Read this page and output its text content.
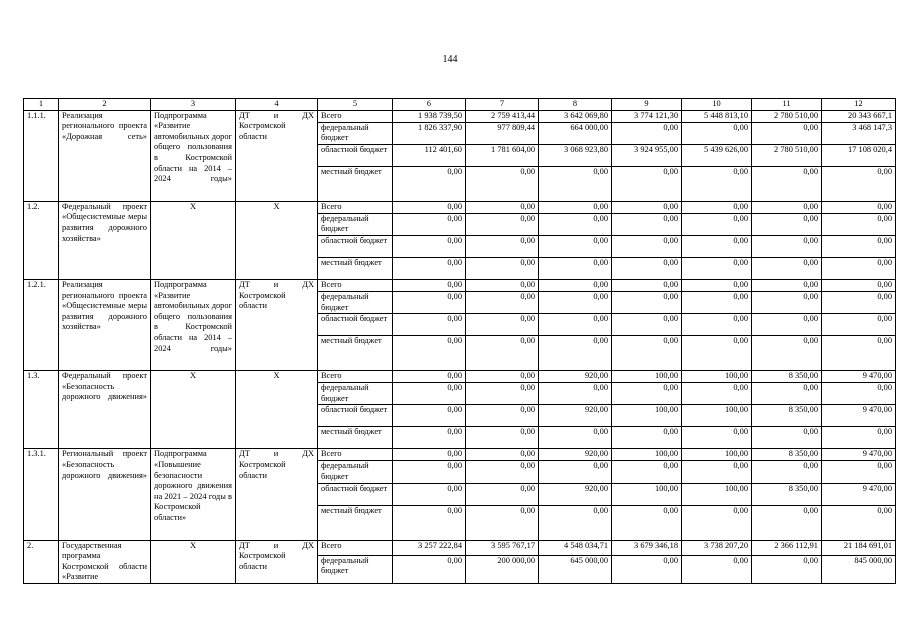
144
1	2	3	4	5	6	7	8	9	10	11	12
1.1.1.	Реализация регионального проекта «Дорожная сеть»	Подпрограмма «Развитие автомобильных дорог общего пользования в Костромской области на 2014 – 2024 годы»	ДТ и ДХ Костромской области	Всего	1 938 739,50	2 759 413,44	3 642 069,80	3 774 121,30	5 448 813,10	2 780 510,00	20 343 667,1
				федеральный бюджет	1 826 337,90	977 809,44	664 000,00	0,00	0,00	0,00	3 468 147,3
				областной бюджет	112 401,60	1 781 604,00	3 068 923,80	3 924 955,00	5 439 626,00	2 780 510,00	17 108 020,4
				местный бюджет	0,00	0,00	0,00	0,00	0,00	0,00	0,00
1.2.	Федеральный проект «Общесистемные меры развития дорожного хозяйства»	Х	Х	Всего	0,00	0,00	0,00	0,00	0,00	0,00	0,00
				федеральный бюджет	0,00	0,00	0,00	0,00	0,00	0,00	0,00
				областной бюджет	0,00	0,00	0,00	0,00	0,00	0,00	0,00
				местный бюджет	0,00	0,00	0,00	0,00	0,00	0,00	0,00
1.2.1.	Реализация регионального проекта «Общесистемные меры развития дорожного хозяйства»	Подпрограмма «Развитие автомобильных дорог общего пользования в Костромской области на 2014 – 2024 годы»	ДТ и ДХ Костромской области	Всего	0,00	0,00	0,00	0,00	0,00	0,00	0,00
				федеральный бюджет	0,00	0,00	0,00	0,00	0,00	0,00	0,00
				областной бюджет	0,00	0,00	0,00	0,00	0,00	0,00	0,00
				местный бюджет	0,00	0,00	0,00	0,00	0,00	0,00	0,00
1.3.	Федеральный проект «Безопасность дорожного движения»	Х	Х	Всего	0,00	0,00	920,00	100,00	100,00	8 350,00	9 470,00
				федеральный бюджет	0,00	0,00	0,00	0,00	0,00	0,00	0,00
				областной бюджет	0,00	0,00	920,00	100,00	100,00	8 350,00	9 470,00
				местный бюджет	0,00	0,00	0,00	0,00	0,00	0,00	0,00
1.3.1.	Региональный проект «Безопасность дорожного движения»	Подпрограмма «Повышение безопасности дорожного движения на 2021 – 2024 годы в Костромской области»	ДТ и ДХ Костромской области	Всего	0,00	0,00	920,00	100,00	100,00	8 350,00	9 470,00
				федеральный бюджет	0,00	0,00	0,00	0,00	0,00	0,00	0,00
				областной бюджет	0,00	0,00	920,00	100,00	100,00	8 350,00	9 470,00
				местный бюджет	0,00	0,00	0,00	0,00	0,00	0,00	0,00
2.	Государственная программа Костромской области «Развитие	Х	ДТ и ДХ Костромской области	Всего	3 257 222,84	3 595 767,17	4 548 034,71	3 679 346,18	3 738 207,20	2 366 112,91	21 184 691,01
				федеральный бюджет	0,00	200 000,00	645 000,00	0,00	0,00	0,00	845 000,00
